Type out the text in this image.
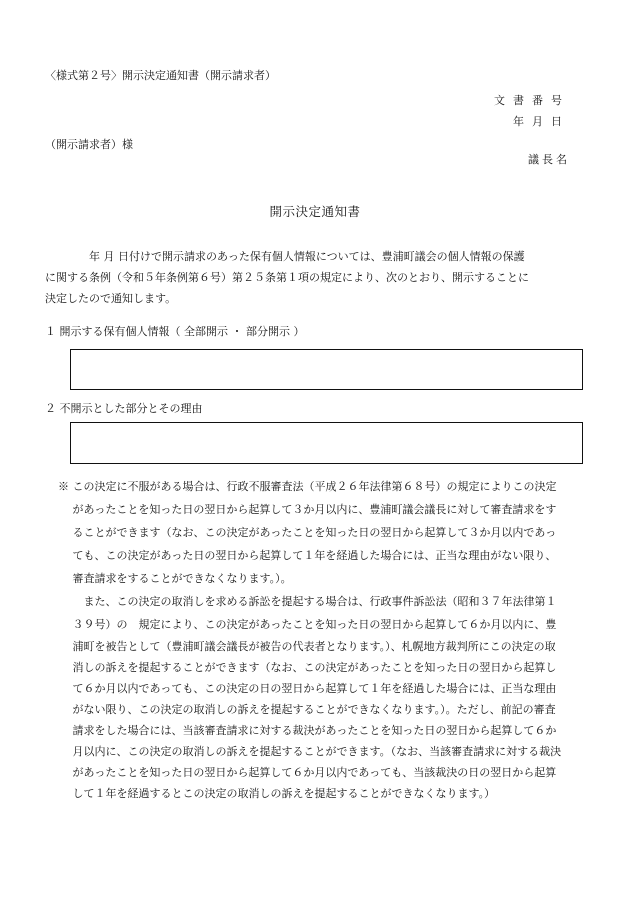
〈様式第２号〉開示決定通知書（開示請求者）
文書番号
年月日
（開示請求者）様
議長名
開示決定通知書

　　　　年 月 日付けで開示請求のあった保有個人情報については、豊浦町議会の個人情報の保護

に関する条例（令和５年条例第６号）第２５条第１項の規定により、次のとおり、開示することに

決定したので通知します。

１ 開示する保有個人情報（ 全部開示 ・ 部分開示 ）
２ 不開示とした部分とその理由

※ この決定に不服がある場合は、行政不服審査法（平成２６年法律第６８号）の規定によりこの決定

　 があったことを知った日の翌日から起算して３か月以内に、豊浦町議会議長に対して審査請求をす

　 ることができます（なお、この決定があったことを知った日の翌日から起算して３か月以内であっ

　 ても、この決定があった日の翌日から起算して１年を経過した場合には、正当な理由がない限り、

　 審査請求をすることができなくなります。）。

　 　また、この決定の取消しを求める訴訟を提起する場合は、行政事件訴訟法（昭和３７年法律第１

　 ３９号）の　規定により、この決定があったことを知った日の翌日から起算して６か月以内に、豊

　 浦町を被告として（豊浦町議会議長が被告の代表者となります。）、札幌地方裁判所にこの決定の取

　 消しの訴えを提起することができます（なお、この決定があったことを知った日の翌日から起算し

　 て６か月以内であっても、この決定の日の翌日から起算して１年を経過した場合には、正当な理由

　 がない限り、この決定の取消しの訴えを提起することができなくなります。）。ただし、前記の審査

　 請求をした場合には、当該審査請求に対する裁決があったことを知った日の翌日から起算して６か

　 月以内に、この決定の取消しの訴えを提起することができます。（なお、当該審査請求に対する裁決

　 があったことを知った日の翌日から起算して６か月以内であっても、当該裁決の日の翌日から起算

　 して１年を経過するとこの決定の取消しの訴えを提起することができなくなります。）
